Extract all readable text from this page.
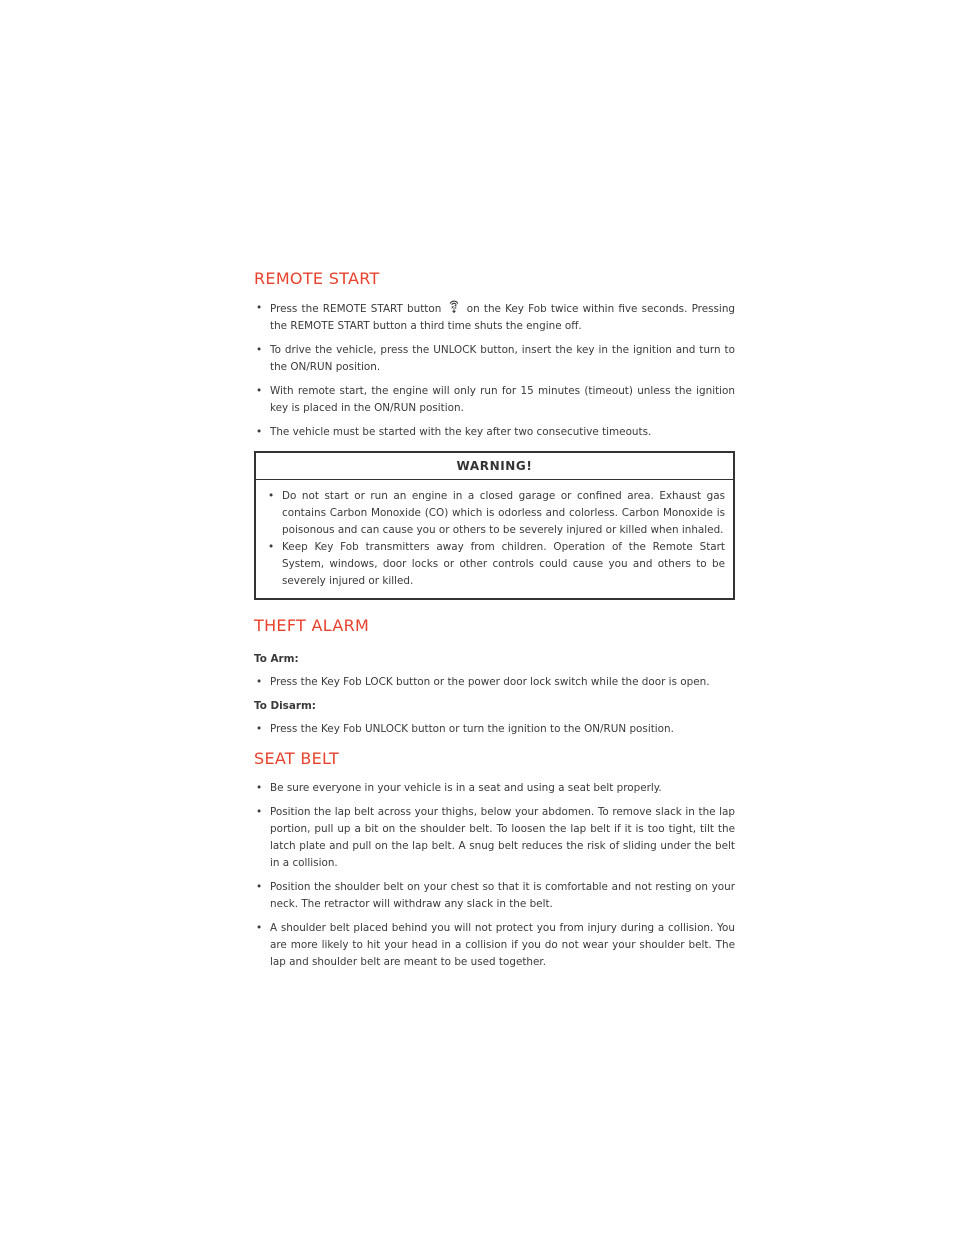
REMOTE START
• Press the REMOTE START button x2 on the Key Fob twice within five seconds. Pressing the REMOTE START button a third time shuts the engine off.
• To drive the vehicle, press the UNLOCK button, insert the key in the ignition and turn to the ON/RUN position.
• With remote start, the engine will only run for 15 minutes (timeout) unless the ignition key is placed in the ON/RUN position.
• The vehicle must be started with the key after two consecutive timeouts.
WARNING!
• Do not start or run an engine in a closed garage or confined area. Exhaust gas contains Carbon Monoxide (CO) which is odorless and colorless. Carbon Monoxide is poisonous and can cause you or others to be severely injured or killed when inhaled.
• Keep Key Fob transmitters away from children. Operation of the Remote Start System, windows, door locks or other controls could cause you and others to be severely injured or killed.
THEFT ALARM
To Arm:
• Press the Key Fob LOCK button or the power door lock switch while the door is open.
To Disarm:
• Press the Key Fob UNLOCK button or turn the ignition to the ON/RUN position.
SEAT BELT
• Be sure everyone in your vehicle is in a seat and using a seat belt properly.
• Position the lap belt across your thighs, below your abdomen. To remove slack in the lap portion, pull up a bit on the shoulder belt. To loosen the lap belt if it is too tight, tilt the latch plate and pull on the lap belt. A snug belt reduces the risk of sliding under the belt in a collision.
• Position the shoulder belt on your chest so that it is comfortable and not resting on your neck. The retractor will withdraw any slack in the belt.
• A shoulder belt placed behind you will not protect you from injury during a collision. You are more likely to hit your head in a collision if you do not wear your shoulder belt. The lap and shoulder belt are meant to be used together.
